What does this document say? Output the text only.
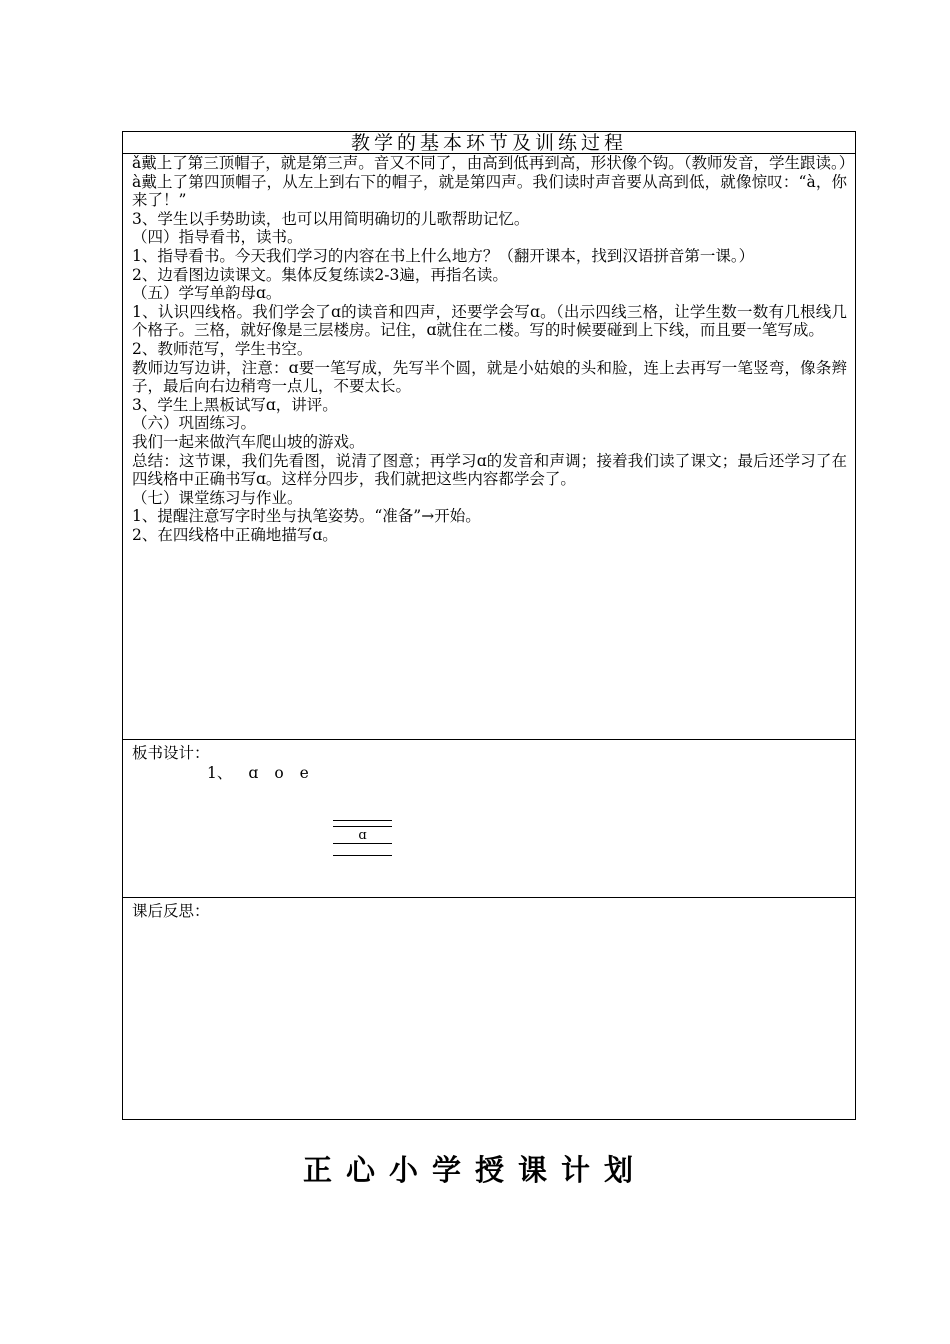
教学的基本环节及训练过程

ǎ戴上了第三顶帽子，就是第三声。音又不同了，由高到低再到高，形状像个钩。（教师发音，学生跟读。）

à戴上了第四顶帽子，从左上到右下的帽子，就是第四声。我们读时声音要从高到低，就像惊叹：“à，你来了！”

3、学生以手势助读，也可以用简明确切的儿歌帮助记忆。

（四）指导看书，读书。

1、指导看书。今天我们学习的内容在书上什么地方？（翻开课本，找到汉语拼音第一课。）

2、边看图边读课文。集体反复练读2-3遍，再指名读。

（五）学写单韵母ɑ。

1、认识四线格。我们学会了ɑ的读音和四声，还要学会写ɑ。（出示四线三格，让学生数一数有几根线几个格子。三格，就好像是三层楼房。记住，ɑ就住在二楼。写的时候要碰到上下线，而且要一笔写成。

2、教师范写，学生书空。

教师边写边讲，注意：ɑ要一笔写成，先写半个圆，就是小姑娘的头和脸，连上去再写一笔竖弯，像条辫子，最后向右边稍弯一点儿，不要太长。

3、学生上黑板试写ɑ，讲评。

（六）巩固练习。

我们一起来做汽车爬山坡的游戏。

总结：这节课，我们先看图，说清了图意；再学习ɑ的发音和声调；接着我们读了课文；最后还学习了在四线格中正确书写ɑ。这样分四步，我们就把这些内容都学会了。

（七）课堂练习与作业。

1、提醒注意写字时坐与执笔姿势。“准备”→开始。

2、在四线格中正确地描写ɑ。

板书设计：
1、 ɑ o e
ɑ
课后反思：
正心小学授课计划
